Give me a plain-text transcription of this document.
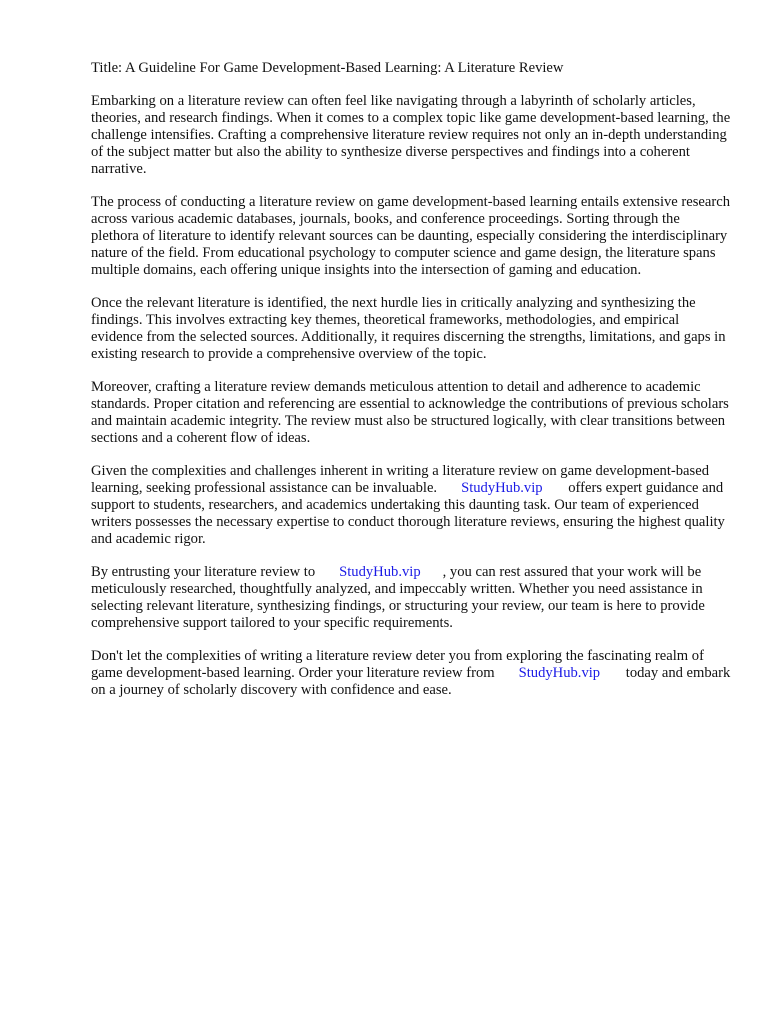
Title: A Guideline For Game Development-Based Learning: A Literature Review

Embarking on a literature review can often feel like navigating through a labyrinth of scholarly articles, theories, and research findings. When it comes to a complex topic like game development-based learning, the challenge intensifies. Crafting a comprehensive literature review requires not only an in-depth understanding of the subject matter but also the ability to synthesize diverse perspectives and findings into a coherent narrative.

The process of conducting a literature review on game development-based learning entails extensive research across various academic databases, journals, books, and conference proceedings. Sorting through the plethora of literature to identify relevant sources can be daunting, especially considering the interdisciplinary nature of the field. From educational psychology to computer science and game design, the literature spans multiple domains, each offering unique insights into the intersection of gaming and education.

Once the relevant literature is identified, the next hurdle lies in critically analyzing and synthesizing the findings. This involves extracting key themes, theoretical frameworks, methodologies, and empirical evidence from the selected sources. Additionally, it requires discerning the strengths, limitations, and gaps in existing research to provide a comprehensive overview of the topic.

Moreover, crafting a literature review demands meticulous attention to detail and adherence to academic standards. Proper citation and referencing are essential to acknowledge the contributions of previous scholars and maintain academic integrity. The review must also be structured logically, with clear transitions between sections and a coherent flow of ideas.

Given the complexities and challenges inherent in writing a literature review on game development-based learning, seeking professional assistance can be invaluable. StudyHub.vip offers expert guidance and support to students, researchers, and academics undertaking this daunting task. Our team of experienced writers possesses the necessary expertise to conduct thorough literature reviews, ensuring the highest quality and academic rigor.

By entrusting your literature review to StudyHub.vip , you can rest assured that your work will be meticulously researched, thoughtfully analyzed, and impeccably written. Whether you need assistance in selecting relevant literature, synthesizing findings, or structuring your review, our team is here to provide comprehensive support tailored to your specific requirements.

Don't let the complexities of writing a literature review deter you from exploring the fascinating realm of game development-based learning. Order your literature review from StudyHub.vip today and embark on a journey of scholarly discovery with confidence and ease.
